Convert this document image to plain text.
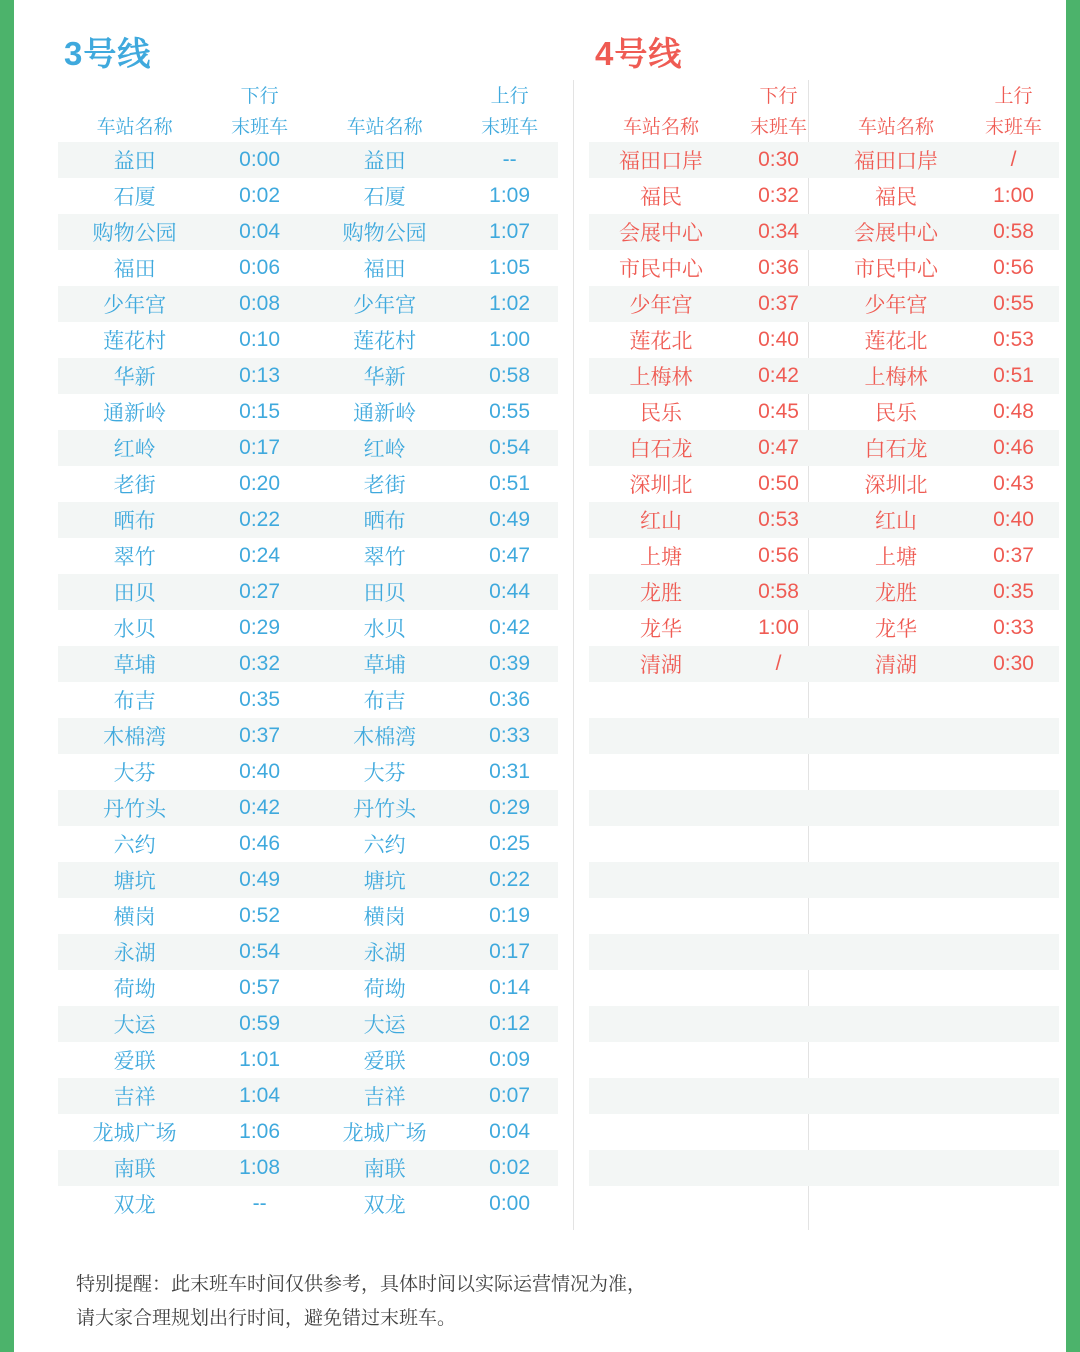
3号线	4号线
	下行		上行
车站名称	末班车	车站名称	末班车
益田	0:00	益田	--
石厦	0:02	石厦	1:09
购物公园	0:04	购物公园	1:07
福田	0:06	福田	1:05
少年宫	0:08	少年宫	1:02
莲花村	0:10	莲花村	1:00
华新	0:13	华新	0:58
通新岭	0:15	通新岭	0:55
红岭	0:17	红岭	0:54
老街	0:20	老街	0:51
晒布	0:22	晒布	0:49
翠竹	0:24	翠竹	0:47
田贝	0:27	田贝	0:44
水贝	0:29	水贝	0:42
草埔	0:32	草埔	0:39
布吉	0:35	布吉	0:36
木棉湾	0:37	木棉湾	0:33
大芬	0:40	大芬	0:31
丹竹头	0:42	丹竹头	0:29
六约	0:46	六约	0:25
塘坑	0:49	塘坑	0:22
横岗	0:52	横岗	0:19
永湖	0:54	永湖	0:17
荷坳	0:57	荷坳	0:14
大运	0:59	大运	0:12
爱联	1:01	爱联	0:09
吉祥	1:04	吉祥	0:07
龙城广场	1:06	龙城广场	0:04
南联	1:08	南联	0:02
双龙	--	双龙	0:00
	下行		上行
车站名称	末班车	车站名称	末班车
福田口岸	0:30	福田口岸	/
福民	0:32	福民	1:00
会展中心	0:34	会展中心	0:58
市民中心	0:36	市民中心	0:56
少年宫	0:37	少年宫	0:55
莲花北	0:40	莲花北	0:53
上梅林	0:42	上梅林	0:51
民乐	0:45	民乐	0:48
白石龙	0:47	白石龙	0:46
深圳北	0:50	深圳北	0:43
红山	0:53	红山	0:40
上塘	0:56	上塘	0:37
龙胜	0:58	龙胜	0:35
龙华	1:00	龙华	0:33
清湖	/	清湖	0:30

特别提醒：此末班车时间仅供参考，具体时间以实际运营情况为准，
请大家合理规划出行时间，避免错过末班车。
